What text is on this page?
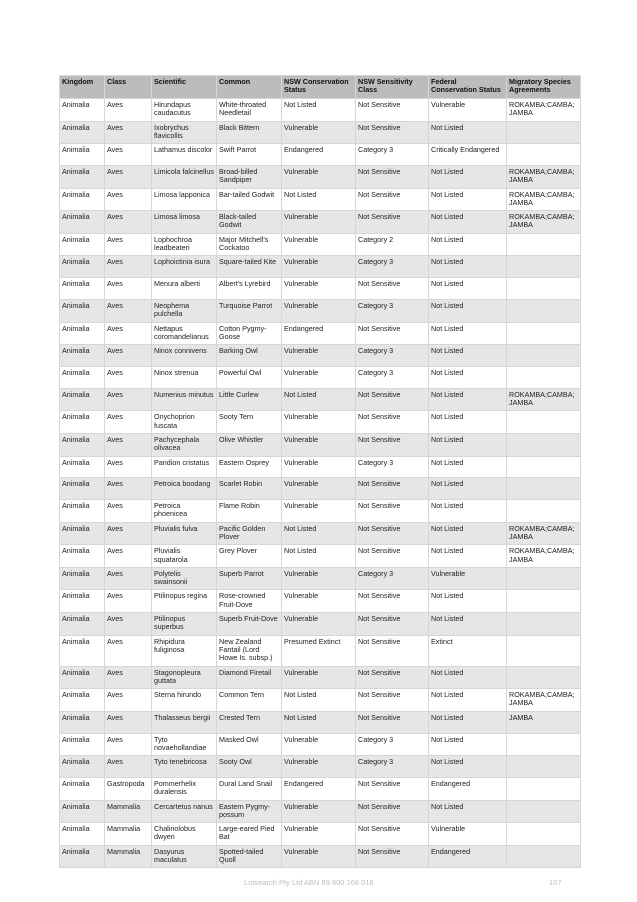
Kingdom	Class	Scientific	Common	NSW Conservation Status	NSW Sensitivity Class	Federal Conservation Status	Migratory Species Agreements
Animalia	Aves	Hirundapus caudacutus	White-throated Needletail	Not Listed	Not Sensitive	Vulnerable	ROKAMBA;CAMBA; JAMBA
Animalia	Aves	Ixobrychus flavicollis	Black Bittern	Vulnerable	Not Sensitive	Not Listed	
Animalia	Aves	Lathamus discolor	Swift Parrot	Endangered	Category 3	Critically Endangered	
Animalia	Aves	Limicola falcinellus	Broad-billed Sandpiper	Vulnerable	Not Sensitive	Not Listed	ROKAMBA;CAMBA; JAMBA
Animalia	Aves	Limosa lapponica	Bar-tailed Godwit	Not Listed	Not Sensitive	Not Listed	ROKAMBA;CAMBA; JAMBA
Animalia	Aves	Limosa limosa	Black-tailed Godwit	Vulnerable	Not Sensitive	Not Listed	ROKAMBA;CAMBA; JAMBA
Animalia	Aves	Lophochroa leadbeateri	Major Mitchell's Cockatoo	Vulnerable	Category 2	Not Listed	
Animalia	Aves	Lophoictinia isura	Square-tailed Kite	Vulnerable	Category 3	Not Listed	
Animalia	Aves	Menura alberti	Albert's Lyrebird	Vulnerable	Not Sensitive	Not Listed	
Animalia	Aves	Neophema pulchella	Turquoise Parrot	Vulnerable	Category 3	Not Listed	
Animalia	Aves	Nettapus coromandelianus	Cotton Pygmy-Goose	Endangered	Not Sensitive	Not Listed	
Animalia	Aves	Ninox connivens	Barking Owl	Vulnerable	Category 3	Not Listed	
Animalia	Aves	Ninox strenua	Powerful Owl	Vulnerable	Category 3	Not Listed	
Animalia	Aves	Numenius minutus	Little Curlew	Not Listed	Not Sensitive	Not Listed	ROKAMBA;CAMBA; JAMBA
Animalia	Aves	Onychoprion fuscata	Sooty Tern	Vulnerable	Not Sensitive	Not Listed	
Animalia	Aves	Pachycephala olivacea	Olive Whistler	Vulnerable	Not Sensitive	Not Listed	
Animalia	Aves	Pandion cristatus	Eastern Osprey	Vulnerable	Category 3	Not Listed	
Animalia	Aves	Petroica boodang	Scarlet Robin	Vulnerable	Not Sensitive	Not Listed	
Animalia	Aves	Petroica phoenicea	Flame Robin	Vulnerable	Not Sensitive	Not Listed	
Animalia	Aves	Pluvialis fulva	Pacific Golden Plover	Not Listed	Not Sensitive	Not Listed	ROKAMBA;CAMBA; JAMBA
Animalia	Aves	Pluvialis squatarola	Grey Plover	Not Listed	Not Sensitive	Not Listed	ROKAMBA;CAMBA; JAMBA
Animalia	Aves	Polytelis swainsonii	Superb Parrot	Vulnerable	Category 3	Vulnerable	
Animalia	Aves	Ptilinopus regina	Rose-crowned Fruit-Dove	Vulnerable	Not Sensitive	Not Listed	
Animalia	Aves	Ptilinopus superbus	Superb Fruit-Dove	Vulnerable	Not Sensitive	Not Listed	
Animalia	Aves	Rhipidura fuliginosa	New Zealand Fantail (Lord Howe Is. subsp.)	Presumed Extinct	Not Sensitive	Extinct	
Animalia	Aves	Stagonopleura guttata	Diamond Firetail	Vulnerable	Not Sensitive	Not Listed	
Animalia	Aves	Sterna hirundo	Common Tern	Not Listed	Not Sensitive	Not Listed	ROKAMBA;CAMBA; JAMBA
Animalia	Aves	Thalasseus bergii	Crested Tern	Not Listed	Not Sensitive	Not Listed	JAMBA
Animalia	Aves	Tyto novaehollandiae	Masked Owl	Vulnerable	Category 3	Not Listed	
Animalia	Aves	Tyto tenebricosa	Sooty Owl	Vulnerable	Category 3	Not Listed	
Animalia	Gastropoda	Pommerhelix duralensis	Dural Land Snail	Endangered	Not Sensitive	Endangered	
Animalia	Mammalia	Cercartetus nanus	Eastern Pygmy-possum	Vulnerable	Not Sensitive	Not Listed	
Animalia	Mammalia	Chalinolobus dwyeri	Large-eared Pied Bat	Vulnerable	Not Sensitive	Vulnerable	
Animalia	Mammalia	Dasyurus maculatus	Spotted-tailed Quoll	Vulnerable	Not Sensitive	Endangered	
Lotsearch Pty Ltd ABN 89 600 168 018	107
